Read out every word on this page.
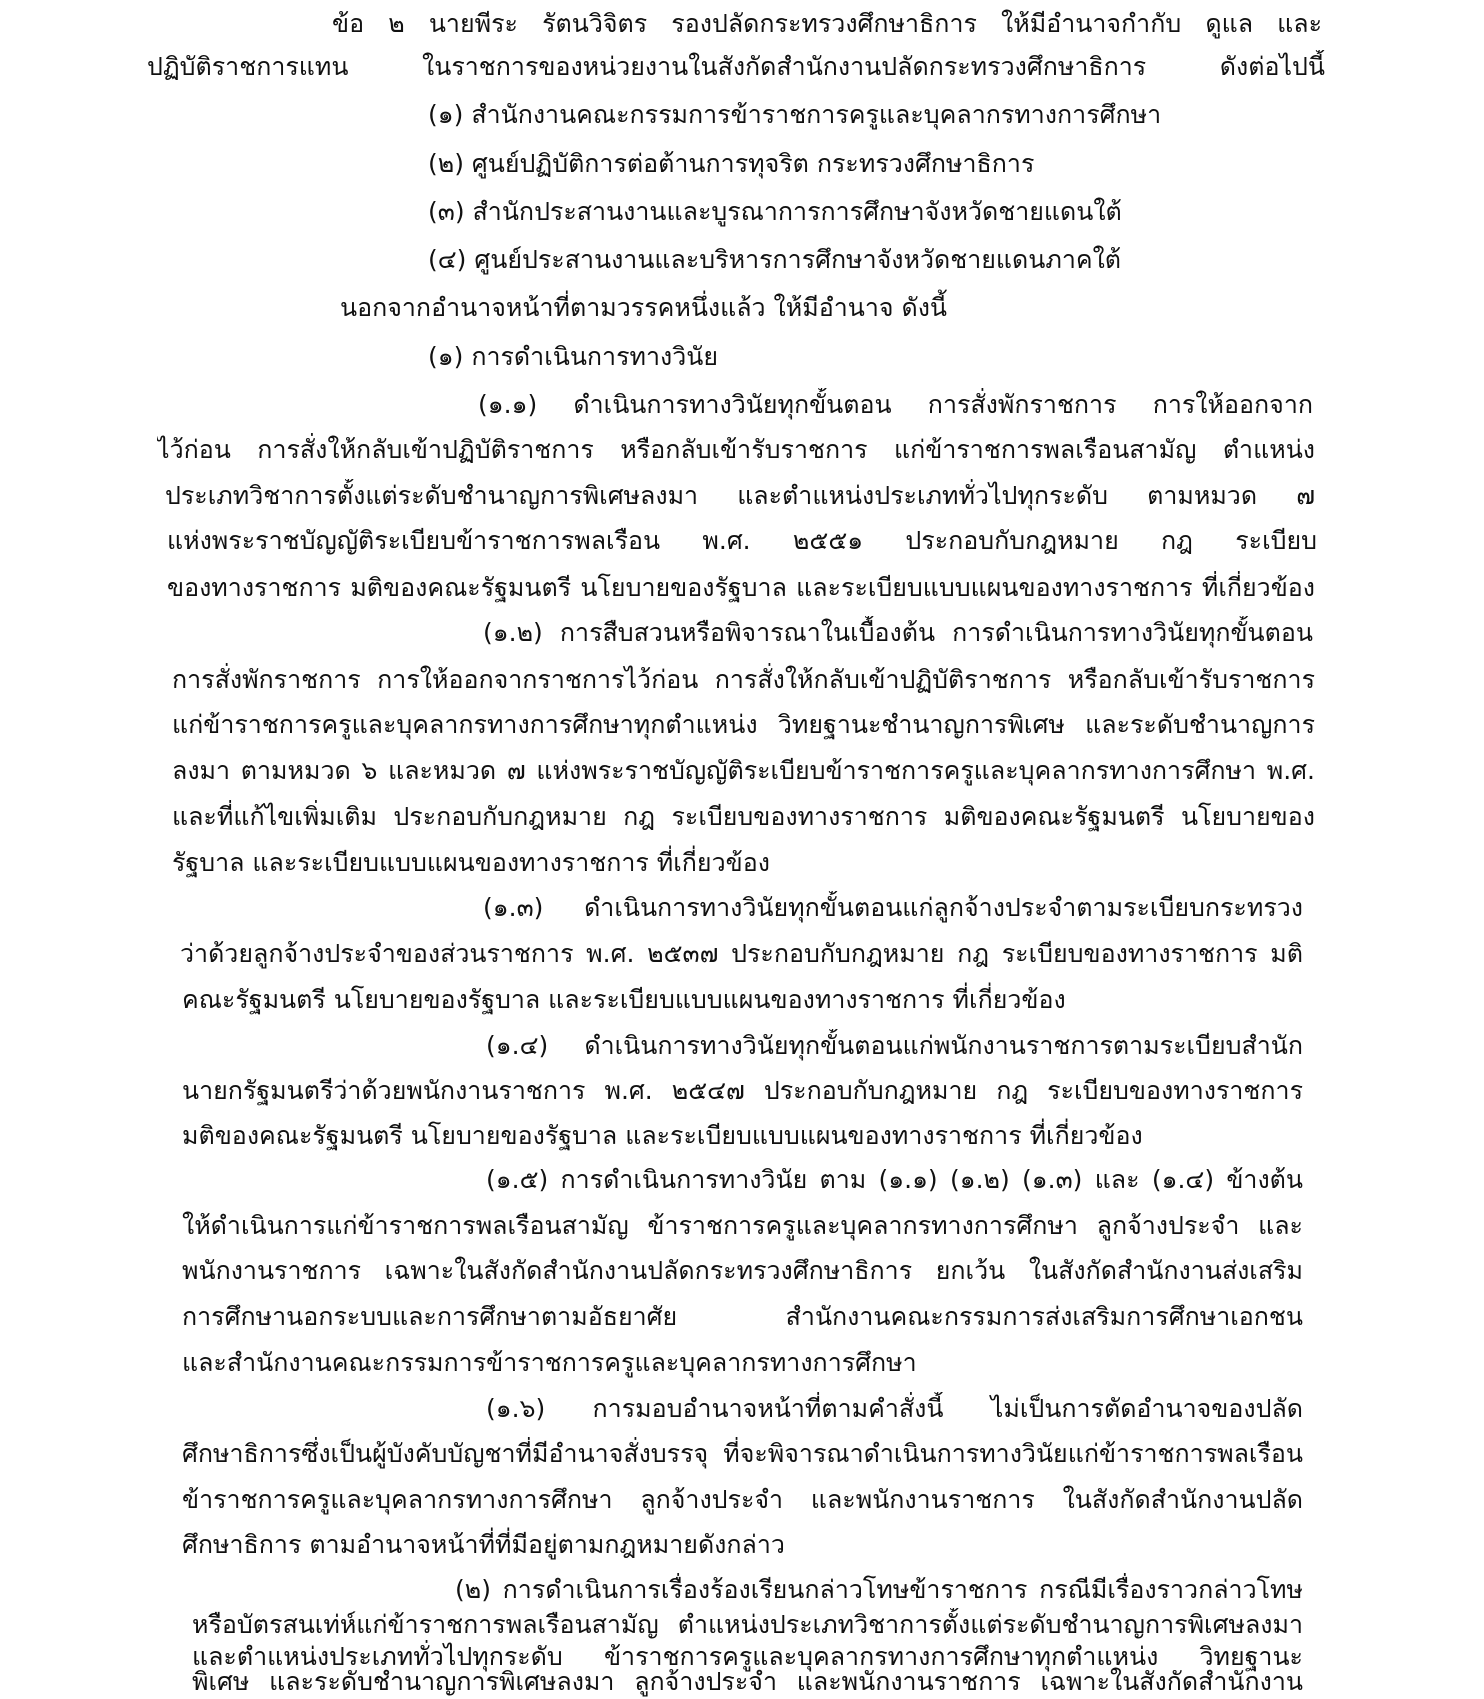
ข้อ ๒ นายพีระ รัตนวิจิตร รองปลัดกระทรวงศึกษาธิการ ให้มีอำนาจกำกับ ดูแล และ
ปฏิบัติราชการแทน ในราชการของหน่วยงานในสังกัดสำนักงานปลัดกระทรวงศึกษาธิการ ดังต่อไปนี้
(๑) สำนักงานคณะกรรมการข้าราชการครูและบุคลากรทางการศึกษา
(๒) ศูนย์ปฏิบัติการต่อต้านการทุจริต กระทรวงศึกษาธิการ
(๓) สำนักประสานงานและบูรณาการการศึกษาจังหวัดชายแดนใต้
(๔) ศูนย์ประสานงานและบริหารการศึกษาจังหวัดชายแดนภาคใต้
นอกจากอำนาจหน้าที่ตามวรรคหนึ่งแล้ว ให้มีอำนาจ ดังนี้
(๑) การดำเนินการทางวินัย
(๑.๑) ดำเนินการทางวินัยทุกขั้นตอน การสั่งพักราชการ การให้ออกจาก
ไว้ก่อน การสั่งให้กลับเข้าปฏิบัติราชการ หรือกลับเข้ารับราชการ แก่ข้าราชการพลเรือนสามัญ ตำแหน่ง
ประเภทวิชาการตั้งแต่ระดับชำนาญการพิเศษลงมา และตำแหน่งประเภททั่วไปทุกระดับ ตามหมวด ๗
แห่งพระราชบัญญัติระเบียบข้าราชการพลเรือน พ.ศ. ๒๕๕๑ ประกอบกับกฎหมาย กฎ ระเบียบ
ของทางราชการ มติของคณะรัฐมนตรี นโยบายของรัฐบาล และระเบียบแบบแผนของทางราชการ ที่เกี่ยวข้อง
(๑.๒) การสืบสวนหรือพิจารณาในเบื้องต้น การดำเนินการทางวินัยทุกขั้นตอน
การสั่งพักราชการ การให้ออกจากราชการไว้ก่อน การสั่งให้กลับเข้าปฏิบัติราชการ หรือกลับเข้ารับราชการ
แก่ข้าราชการครูและบุคลากรทางการศึกษาทุกตำแหน่ง วิทยฐานะชำนาญการพิเศษ และระดับชำนาญการ
ลงมา ตามหมวด ๖ และหมวด ๗ แห่งพระราชบัญญัติระเบียบข้าราชการครูและบุคลากรทางการศึกษา พ.ศ.
และที่แก้ไขเพิ่มเติม ประกอบกับกฎหมาย กฎ ระเบียบของทางราชการ มติของคณะรัฐมนตรี นโยบายของ
รัฐบาล และระเบียบแบบแผนของทางราชการ ที่เกี่ยวข้อง
(๑.๓) ดำเนินการทางวินัยทุกขั้นตอนแก่ลูกจ้างประจำตามระเบียบกระทรวง
ว่าด้วยลูกจ้างประจำของส่วนราชการ พ.ศ. ๒๕๓๗ ประกอบกับกฎหมาย กฎ ระเบียบของทางราชการ มติ
คณะรัฐมนตรี นโยบายของรัฐบาล และระเบียบแบบแผนของทางราชการ ที่เกี่ยวข้อง
(๑.๔) ดำเนินการทางวินัยทุกขั้นตอนแก่พนักงานราชการตามระเบียบสำนัก
นายกรัฐมนตรีว่าด้วยพนักงานราชการ พ.ศ. ๒๕๔๗ ประกอบกับกฎหมาย กฎ ระเบียบของทางราชการ
มติของคณะรัฐมนตรี นโยบายของรัฐบาล และระเบียบแบบแผนของทางราชการ ที่เกี่ยวข้อง
(๑.๕) การดำเนินการทางวินัย ตาม (๑.๑) (๑.๒) (๑.๓) และ (๑.๔) ข้างต้น
ให้ดำเนินการแก่ข้าราชการพลเรือนสามัญ ข้าราชการครูและบุคลากรทางการศึกษา ลูกจ้างประจำ และ
พนักงานราชการ เฉพาะในสังกัดสำนักงานปลัดกระทรวงศึกษาธิการ ยกเว้น ในสังกัดสำนักงานส่งเสริม
การศึกษานอกระบบและการศึกษาตามอัธยาศัย สำนักงานคณะกรรมการส่งเสริมการศึกษาเอกชน
และสำนักงานคณะกรรมการข้าราชการครูและบุคลากรทางการศึกษา
(๑.๖) การมอบอำนาจหน้าที่ตามคำสั่งนี้ ไม่เป็นการตัดอำนาจของปลัด
ศึกษาธิการซึ่งเป็นผู้บังคับบัญชาที่มีอำนาจสั่งบรรจุ ที่จะพิจารณาดำเนินการทางวินัยแก่ข้าราชการพลเรือน
ข้าราชการครูและบุคลากรทางการศึกษา ลูกจ้างประจำ และพนักงานราชการ ในสังกัดสำนักงานปลัด
ศึกษาธิการ ตามอำนาจหน้าที่ที่มีอยู่ตามกฎหมายดังกล่าว
(๒) การดำเนินการเรื่องร้องเรียนกล่าวโทษข้าราชการ กรณีมีเรื่องราวกล่าวโทษ
หรือบัตรสนเท่ห์แก่ข้าราชการพลเรือนสามัญ ตำแหน่งประเภทวิชาการตั้งแต่ระดับชำนาญการพิเศษลงมา
และตำแหน่งประเภททั่วไปทุกระดับ ข้าราชการครูและบุคลากรทางการศึกษาทุกตำแหน่ง วิทยฐานะ
พิเศษ และระดับชำนาญการพิเศษลงมา ลูกจ้างประจำ และพนักงานราชการ เฉพาะในสังกัดสำนักงาน
